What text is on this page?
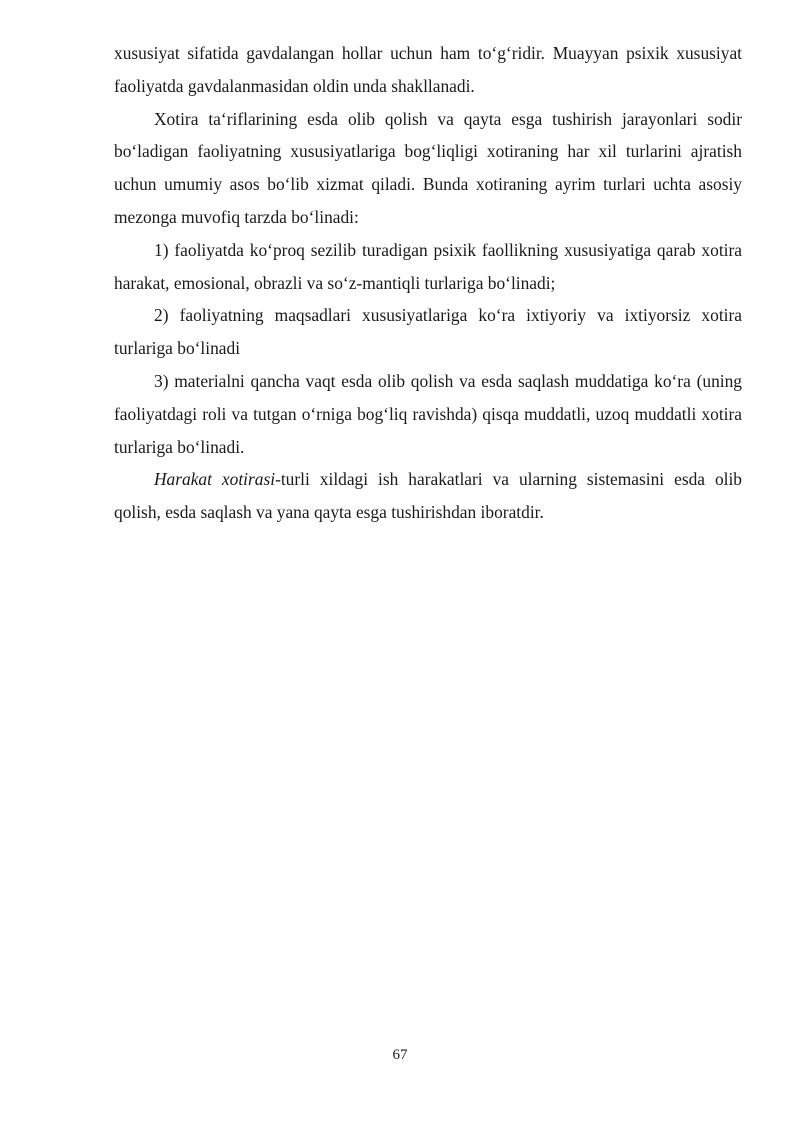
xususiyat sifatida gavdalangan hollar uchun ham to‘g‘ridir. Muayyan psixik xususiyat faoliyatda gavdalanmasidan oldin unda shakllanadi.

Xotira ta‘riflarining esda olib qolish va qayta esga tushirish jarayonlari sodir bo‘ladigan faoliyatning xususiyatlariga bog‘liqligi xotiraning har xil turlarini ajratish uchun umumiy asos bo‘lib xizmat qiladi. Bunda xotiraning ayrim turlari uchta asosiy mezonga muvofiq tarzda bo‘linadi:

1) faoliyatda ko‘proq sezilib turadigan psixik faollikning xususiyatiga qarab xotira harakat, emosional, obrazli va so‘z-mantiqli turlariga bo‘linadi;

2) faoliyatning maqsadlari xususiyatlariga ko‘ra ixtiyoriy va ixtiyorsiz xotira turlariga bo‘linadi

3) materialni qancha vaqt esda olib qolish va esda saqlash muddatiga ko‘ra (uning faoliyatdagi roli va tutgan o‘rniga bog‘liq ravishda) qisqa muddatli, uzoq muddatli xotira turlariga bo‘linadi.

Harakat xotirasi-turli xildagi ish harakatlari va ularning sistemasini esda olib qolish, esda saqlash va yana qayta esga tushirishdan iboratdir.

67
